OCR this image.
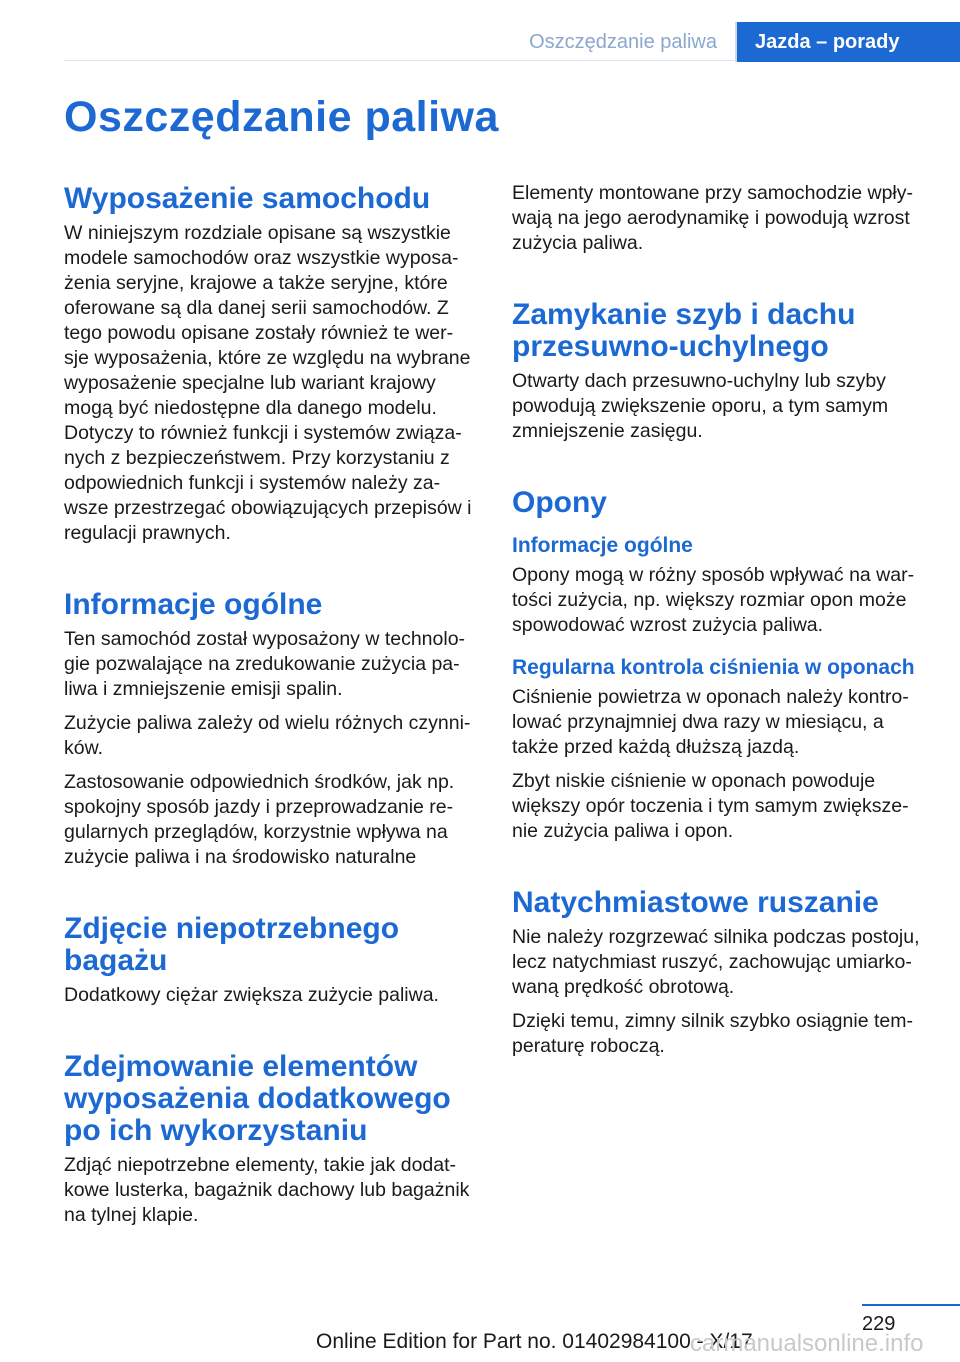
Oszczędzanie paliwa	Jazda – porady
Oszczędzanie paliwa
Wyposażenie samochodu

W niniejszym rozdziale opisane są wszystkie modele samochodów oraz wszystkie wyposa‐żenia seryjne, krajowe a także seryjne, które oferowane są dla danej serii samochodów. Z tego powodu opisane zostały również te wer‐sje wyposażenia, które ze względu na wybrane wyposażenie specjalne lub wariant krajowy mogą być niedostępne dla danego modelu. Dotyczy to również funkcji i systemów związa‐nych z bezpieczeństwem. Przy korzystaniu z odpowiednich funkcji i systemów należy za‐wsze przestrzegać obowiązujących przepisów i regulacji prawnych.

Informacje ogólne

Ten samochód został wyposażony w technolo‐gie pozwalające na zredukowanie zużycia pa‐liwa i zmniejszenie emisji spalin.

Zużycie paliwa zależy od wielu różnych czynni‐ków.

Zastosowanie odpowiednich środków, jak np. spokojny sposób jazdy i przeprowadzanie re‐gularnych przeglądów, korzystnie wpływa na zużycie paliwa i na środowisko naturalne

Zdjęcie niepotrzebnego bagażu

Dodatkowy ciężar zwiększa zużycie paliwa.

Zdejmowanie elementów wyposażenia dodatkowego po ich wykorzystaniu

Zdjąć niepotrzebne elementy, takie jak dodat‐kowe lusterka, bagażnik dachowy lub bagażnik na tylnej klapie.

Elementy montowane przy samochodzie wpły‐wają na jego aerodynamikę i powodują wzrost zużycia paliwa.

Zamykanie szyb i dachu przesuwno-uchylnego

Otwarty dach przesuwno-uchylny lub szyby powodują zwiększenie oporu, a tym samym zmniejszenie zasięgu.

Opony
Informacje ogólne

Opony mogą w różny sposób wpływać na war‐tości zużycia, np. większy rozmiar opon może spowodować wzrost zużycia paliwa.

Regularna kontrola ciśnienia w oponach

Ciśnienie powietrza w oponach należy kontro‐lować przynajmniej dwa razy w miesiącu, a także przed każdą dłuższą jazdą.

Zbyt niskie ciśnienie w oponach powoduje większy opór toczenia i tym samym zwiększe‐nie zużycia paliwa i opon.

Natychmiastowe ruszanie

Nie należy rozgrzewać silnika podczas postoju, lecz natychmiast ruszyć, zachowując umiarko‐waną prędkość obrotową.

Dzięki temu, zimny silnik szybko osiągnie tem‐peraturę roboczą.

229
Online Edition for Part no. 01402984100 - X/17
carmanualsonline.info
